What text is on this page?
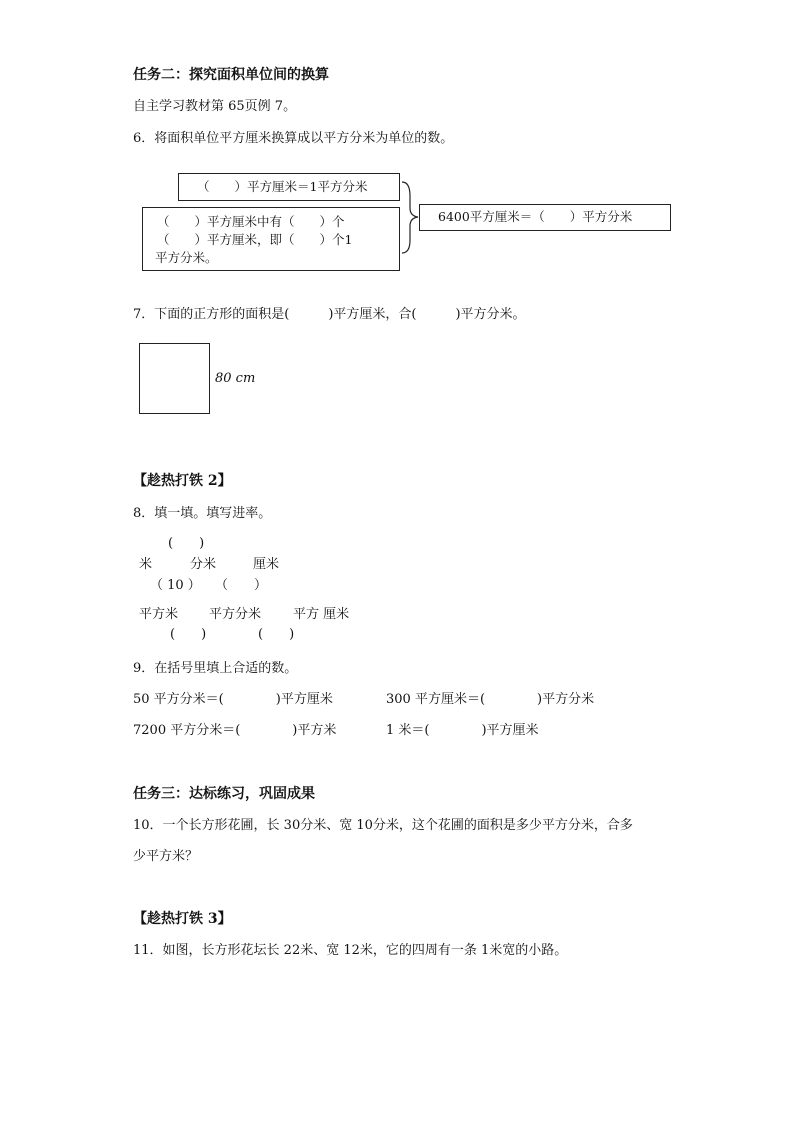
任务二：探究面积单位间的换算
自主学习教材第 65页例 7。
6．将面积单位平方厘米换算成以平方分米为单位的数。
（　　）平方厘米＝1平方分米
（　　）平方厘米中有（　　）个
（　　）平方厘米，即（　　）个1
平方分米。
6400平方厘米＝（　　）平方分米
7．下面的正方形的面积是(　　　)平方厘米，合(　　　)平方分米。
80 cm
【趁热打铁 2】
8．填一填。填写进率。
(　　)
米	分米	厘米
（ 10 ） （　　）
平方米 平方分米 平方 厘米
(　　)	(　　)
9．在括号里填上合适的数。
50 平方分米＝(　　　　)平方厘米	300 平方厘米＝(　　　　)平方分米
7200 平方分米＝(　　　　)平方米	1 米＝(　　　　)平方厘米
任务三：达标练习，巩固成果
10．一个长方形花圃，长 30分米、宽 10分米，这个花圃的面积是多少平方分米，合多
少平方米？
【趁热打铁 3】
11．如图，长方形花坛长 22米、宽 12米，它的四周有一条 1米宽的小路。
